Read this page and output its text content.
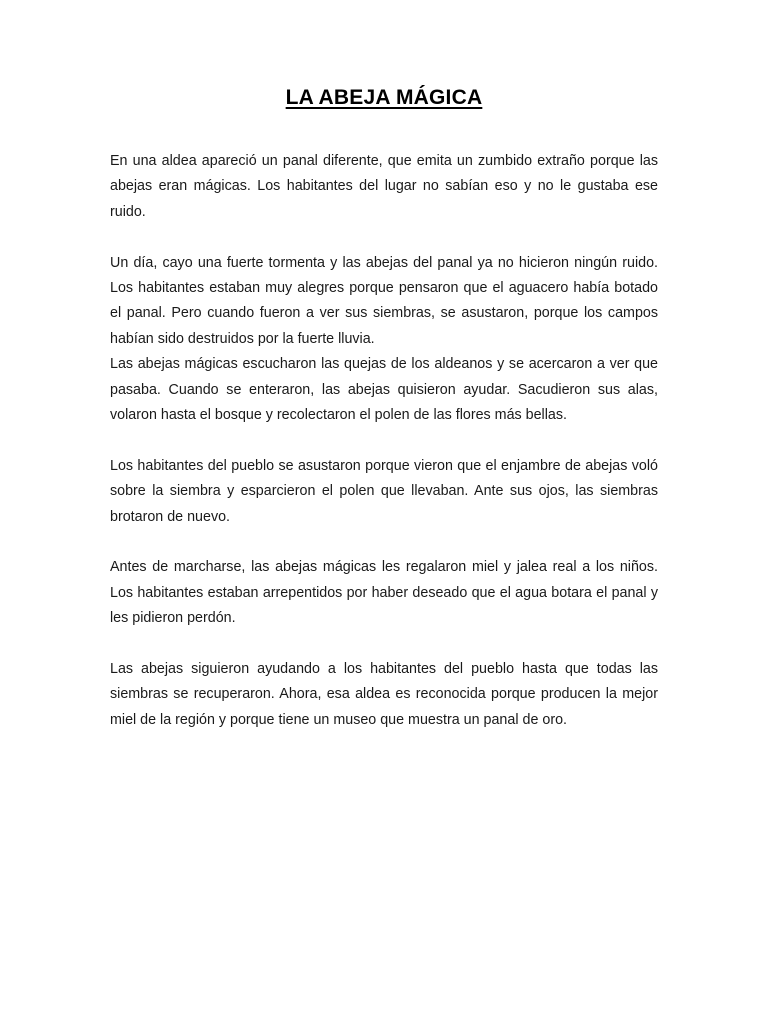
LA ABEJA MÁGICA

En una aldea apareció un panal diferente, que emita un zumbido extraño porque las abejas eran mágicas. Los habitantes del lugar no sabían eso y no le gustaba ese ruido.

Un día, cayo una fuerte tormenta y las abejas del panal ya no hicieron ningún ruido. Los habitantes estaban muy alegres porque pensaron que el aguacero había botado el panal. Pero cuando fueron a ver sus siembras, se asustaron, porque los campos habían sido destruidos por la fuerte lluvia.

Las abejas mágicas escucharon las quejas de los aldeanos y se acercaron a ver que pasaba. Cuando se enteraron, las abejas quisieron ayudar. Sacudieron sus alas, volaron hasta el bosque y recolectaron el polen de las flores más bellas.

Los habitantes del pueblo se asustaron porque vieron que el enjambre de abejas voló sobre la siembra y esparcieron el polen que llevaban. Ante sus ojos, las siembras brotaron de nuevo.

Antes de marcharse, las abejas mágicas les regalaron miel y jalea real a los niños. Los habitantes estaban arrepentidos por haber deseado que el agua botara el panal y les pidieron perdón.

Las abejas siguieron ayudando a los habitantes del pueblo hasta que todas las siembras se recuperaron. Ahora, esa aldea es reconocida porque producen la mejor miel de la región y porque tiene un museo que muestra un panal de oro.
